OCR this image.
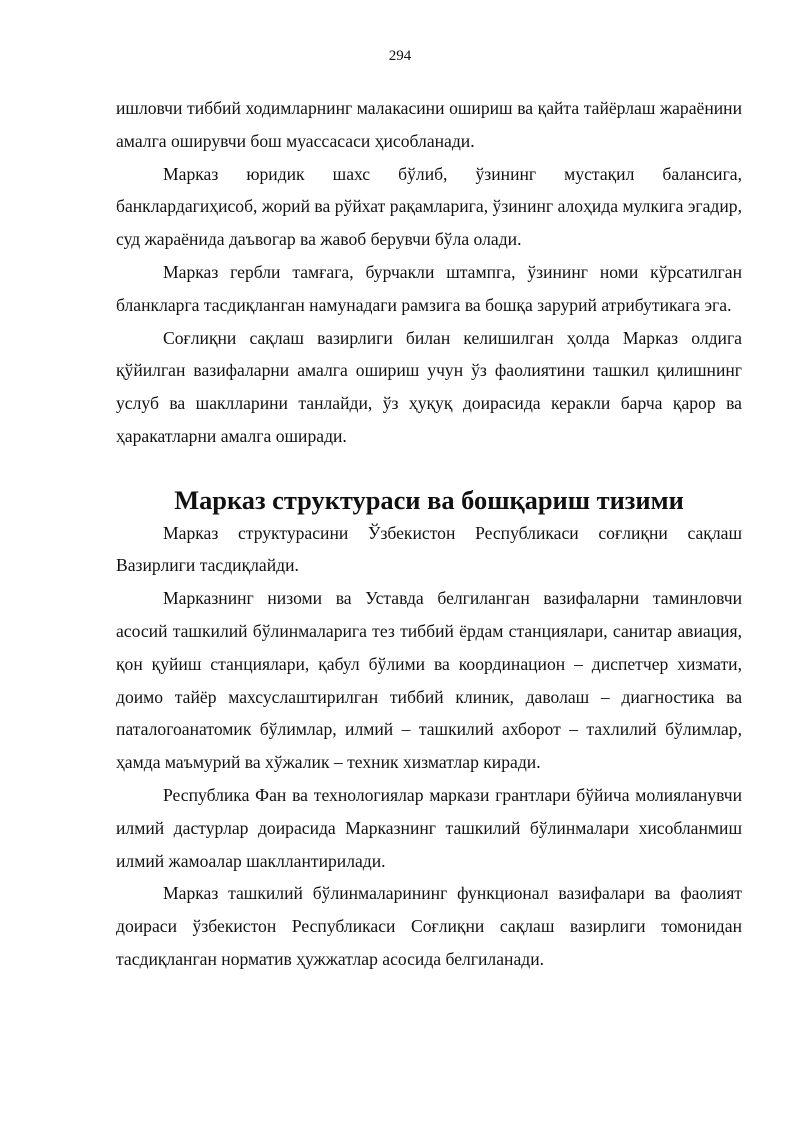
294

ишловчи тиббий ходимларнинг малакасини ошириш ва қайта тайёрлаш жараёнини амалга оширувчи бош муассасаси ҳисобланади.

Марказ юридик шахс бўлиб, ўзининг мустақил балансига, банклардагиҳисоб, жорий ва рўйхат рақамларига, ўзининг алоҳида мулкига эгадир, суд жараёнида даъвогар ва жавоб берувчи бўла олади.

Марказ гербли тамғага, бурчакли штампга, ўзининг номи кўрсатилган бланкларга тасдиқланган намунадаги рамзига ва бошқа зарурий атрибутикага эга.

Соғлиқни сақлаш вазирлиги билан келишилган ҳолда Марказ олдига қўйилган вазифаларни амалга ошириш учун ўз фаолиятини ташкил қилишнинг услуб ва шаклларини танлайди, ўз ҳуқуқ доирасида керакли барча қарор ва ҳаракатларни амалга оширади.

Марказ структураси ва бошқариш тизими

Марказ структурасини Ўзбекистон Республикаси соғлиқни сақлаш Вазирлиги тасдиқлайди.

Марказнинг низоми ва Уставда белгиланган вазифаларни таминловчи асосий ташкилий бўлинмаларига тез тиббий ёрдам станциялари, санитар авиация, қон қуйиш станциялари, қабул бўлими ва координацион – диспетчер хизмати, доимо тайёр махсуслаштирилган тиббий клиник, даволаш – диагностика ва паталогоанатомик бўлимлар, илмий – ташкилий ахборот – тахлилий бўлимлар, ҳамда маъмурий ва хўжалик – техник хизматлар киради.

Республика Фан ва технологиялар маркази грантлари бўйича молияланувчи илмий дастурлар доирасида Марказнинг ташкилий бўлинмалари хисобланмиш илмий жамоалар шакллантирилади.

Марказ ташкилий бўлинмаларининг функционал вазифалари ва фаолият доираси ўзбекистон Республикаси Соғлиқни сақлаш вазирлиги томонидан тасдиқланган норматив ҳужжатлар асосида белгиланади.
